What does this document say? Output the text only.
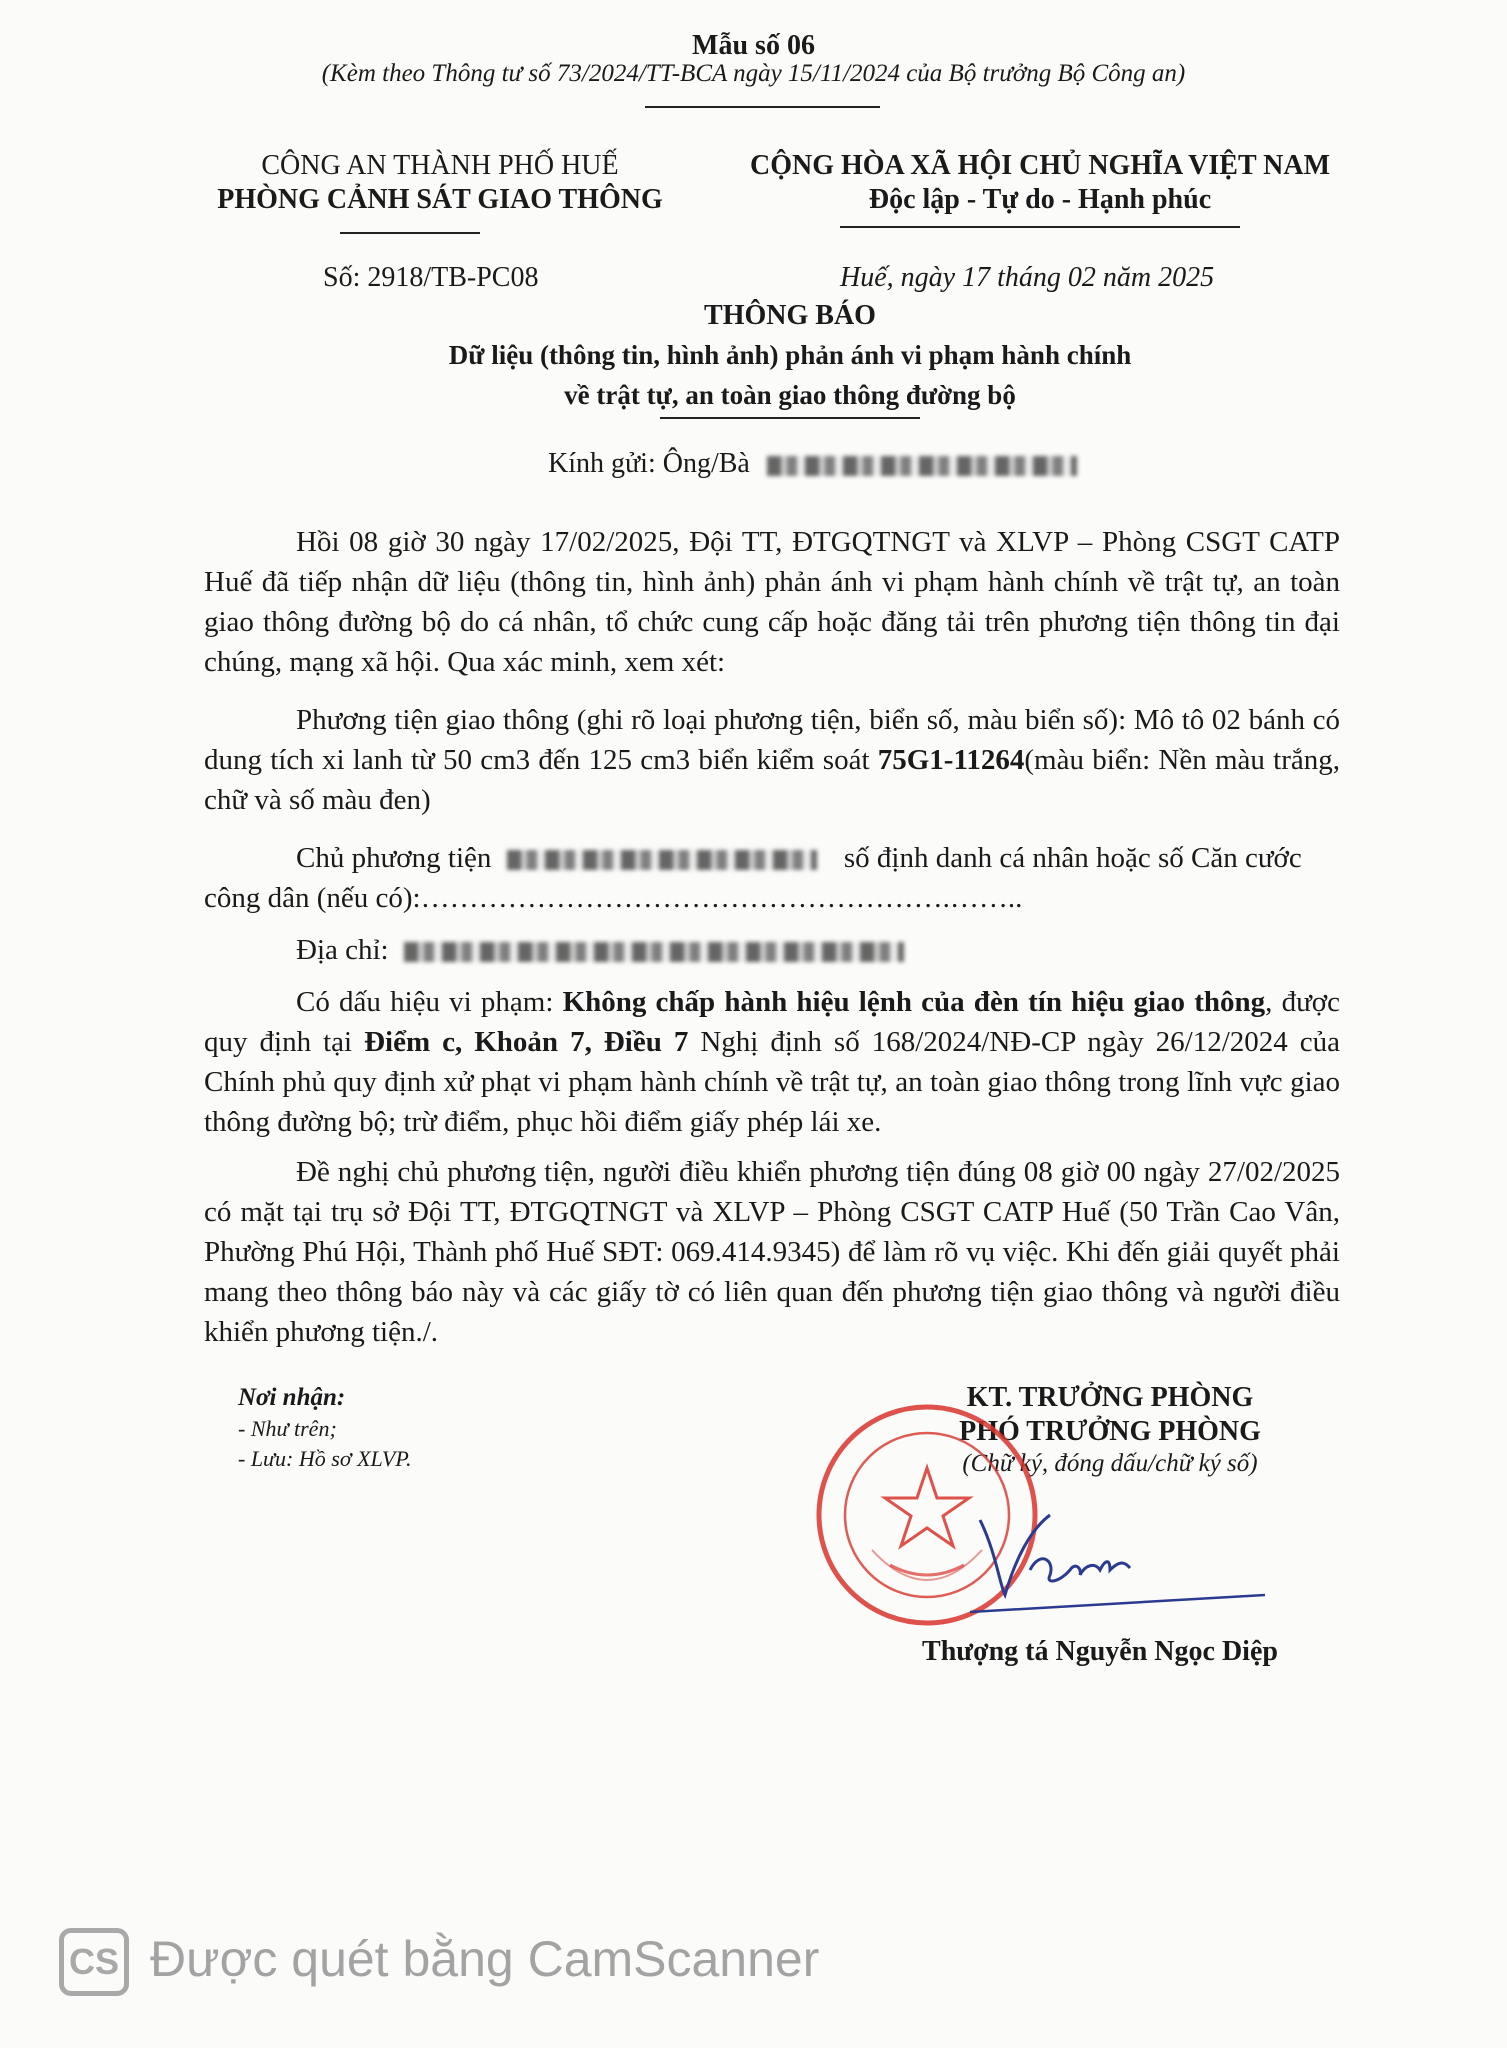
Mẫu số 06
(Kèm theo Thông tư số 73/2024/TT-BCA ngày 15/11/2024 của Bộ trưởng Bộ Công an)
CÔNG AN THÀNH PHỐ HUẾ
PHÒNG CẢNH SÁT GIAO THÔNG
Số: 2918/TB-PC08
CỘNG HÒA XÃ HỘI CHỦ NGHĨA VIỆT NAM
Độc lập - Tự do - Hạnh phúc
Huế, ngày 17 tháng 02 năm 2025
THÔNG BÁO
Dữ liệu (thông tin, hình ảnh) phản ánh vi phạm hành chính
về trật tự, an toàn giao thông đường bộ
Kính gửi: Ông/Bà
Hồi 08 giờ 30 ngày 17/02/2025, Đội TT, ĐTGQTNGT và XLVP – Phòng CSGT CATP Huế đã tiếp nhận dữ liệu (thông tin, hình ảnh) phản ánh vi phạm hành chính về trật tự, an toàn giao thông đường bộ do cá nhân, tổ chức cung cấp hoặc đăng tải trên phương tiện thông tin đại chúng, mạng xã hội. Qua xác minh, xem xét:
Phương tiện giao thông (ghi rõ loại phương tiện, biển số, màu biển số): Mô tô 02 bánh có dung tích xi lanh từ 50 cm3 đến 125 cm3 biển kiểm soát 75G1-11264(màu biển: Nền màu trắng, chữ và số màu đen)
Chủ phương tiện	số định danh cá nhân hoặc số Căn cước
công dân (nếu có):……………………………………………….……..
Địa chỉ:
Có dấu hiệu vi phạm: Không chấp hành hiệu lệnh của đèn tín hiệu giao thông, được quy định tại Điểm c, Khoản 7, Điều 7 Nghị định số 168/2024/NĐ-CP ngày 26/12/2024 của Chính phủ quy định xử phạt vi phạm hành chính về trật tự, an toàn giao thông trong lĩnh vực giao thông đường bộ; trừ điểm, phục hồi điểm giấy phép lái xe.
Đề nghị chủ phương tiện, người điều khiển phương tiện đúng 08 giờ 00 ngày 27/02/2025 có mặt tại trụ sở Đội TT, ĐTGQTNGT và XLVP – Phòng CSGT CATP Huế (50 Trần Cao Vân, Phường Phú Hội, Thành phố Huế SĐT: 069.414.9345) để làm rõ vụ việc. Khi đến giải quyết phải mang theo thông báo này và các giấy tờ có liên quan đến phương tiện giao thông và người điều khiển phương tiện./.
Nơi nhận:
- Như trên;
- Lưu: Hồ sơ XLVP.
KT. TRƯỞNG PHÒNG
PHÓ TRƯỞNG PHÒNG
(Chữ ký, đóng dấu/chữ ký số)
Thượng tá Nguyễn Ngọc Diệp
CS Được quét bằng CamScanner
